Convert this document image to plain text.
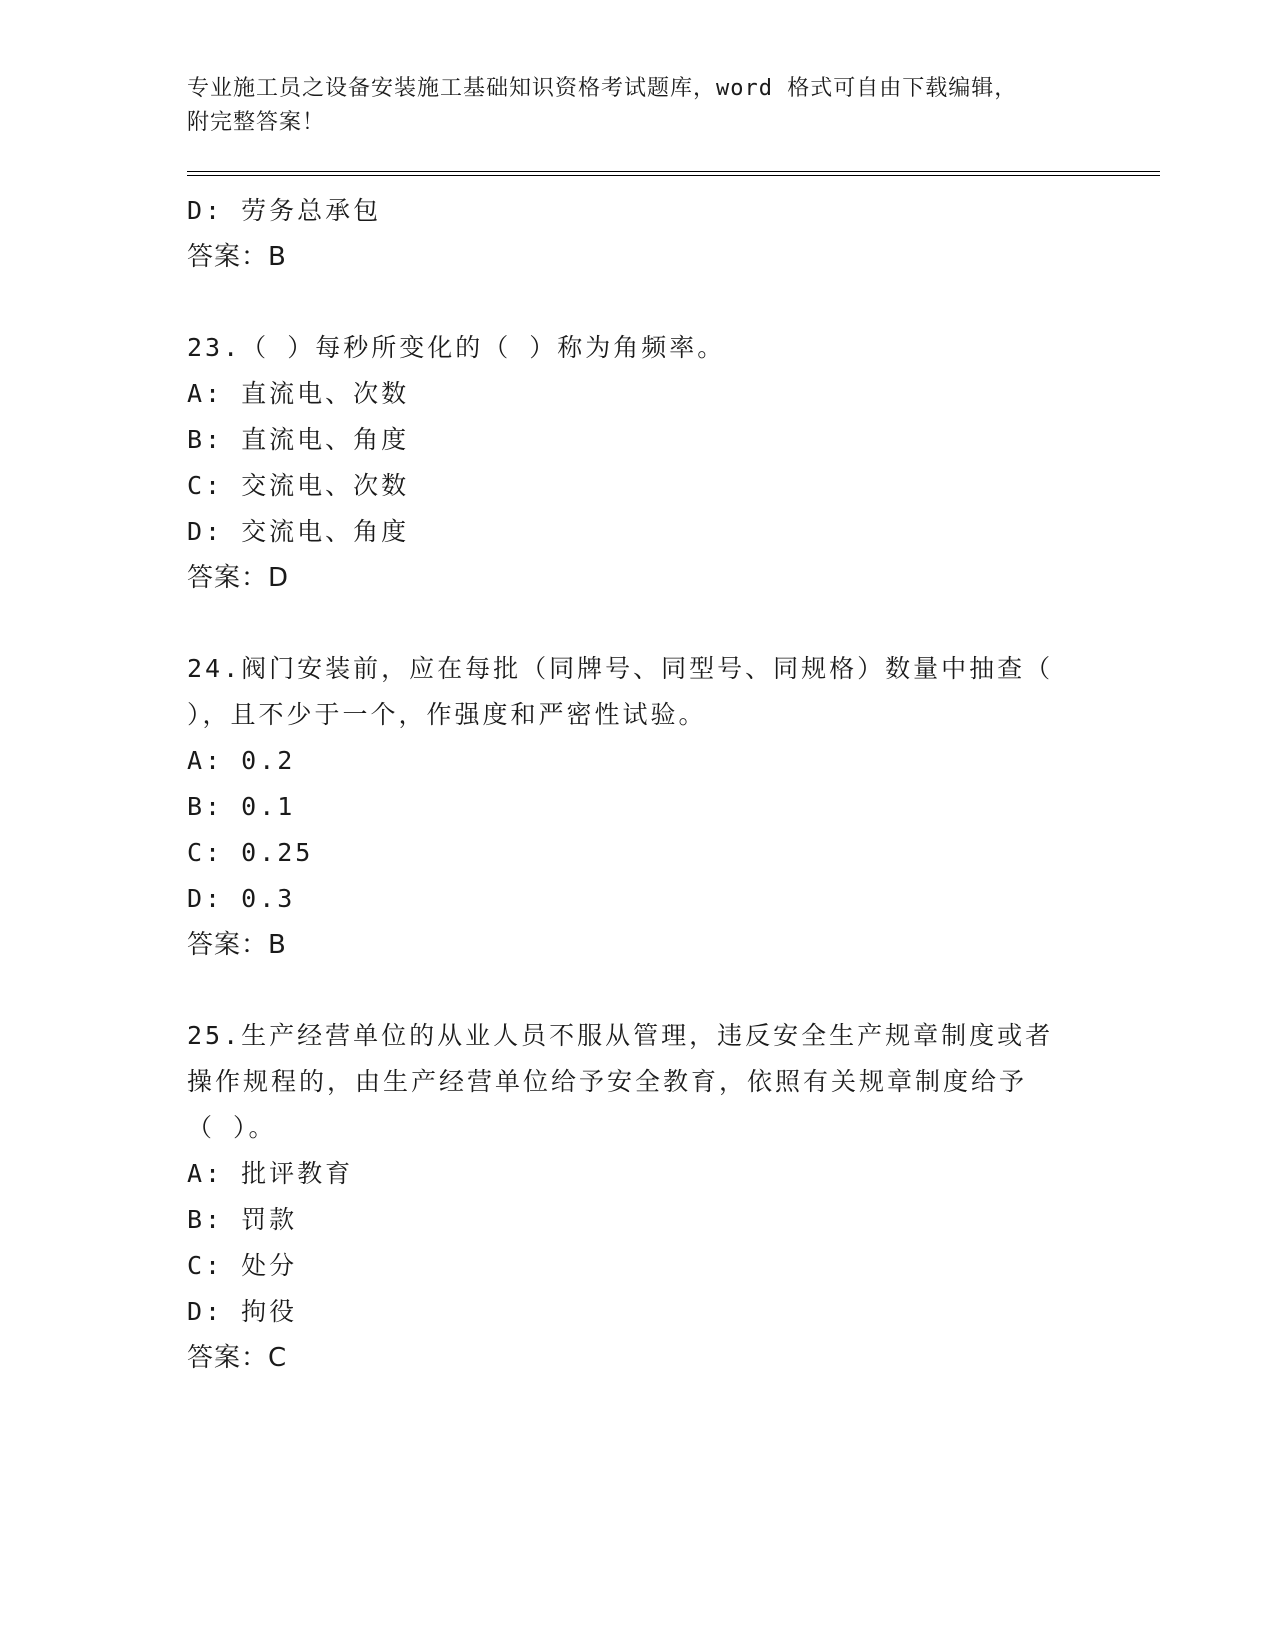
专业施工员之设备安装施工基础知识资格考试题库，word 格式可自由下载编辑，
附完整答案！
D: 劳务总承包
答案：B
23.（ ）每秒所变化的（ ）称为角频率。
A: 直流电、次数
B: 直流电、角度
C: 交流电、次数
D: 交流电、角度
答案：D
24.阀门安装前，应在每批（同牌号、同型号、同规格）数量中抽查（
），且不少于一个，作强度和严密性试验。
A: 0.2
B: 0.1
C: 0.25
D: 0.3
答案：B
25.生产经营单位的从业人员不服从管理，违反安全生产规章制度或者
操作规程的，由生产经营单位给予安全教育，依照有关规章制度给予
（ ）。
A: 批评教育
B: 罚款
C: 处分
D: 拘役
答案：C
